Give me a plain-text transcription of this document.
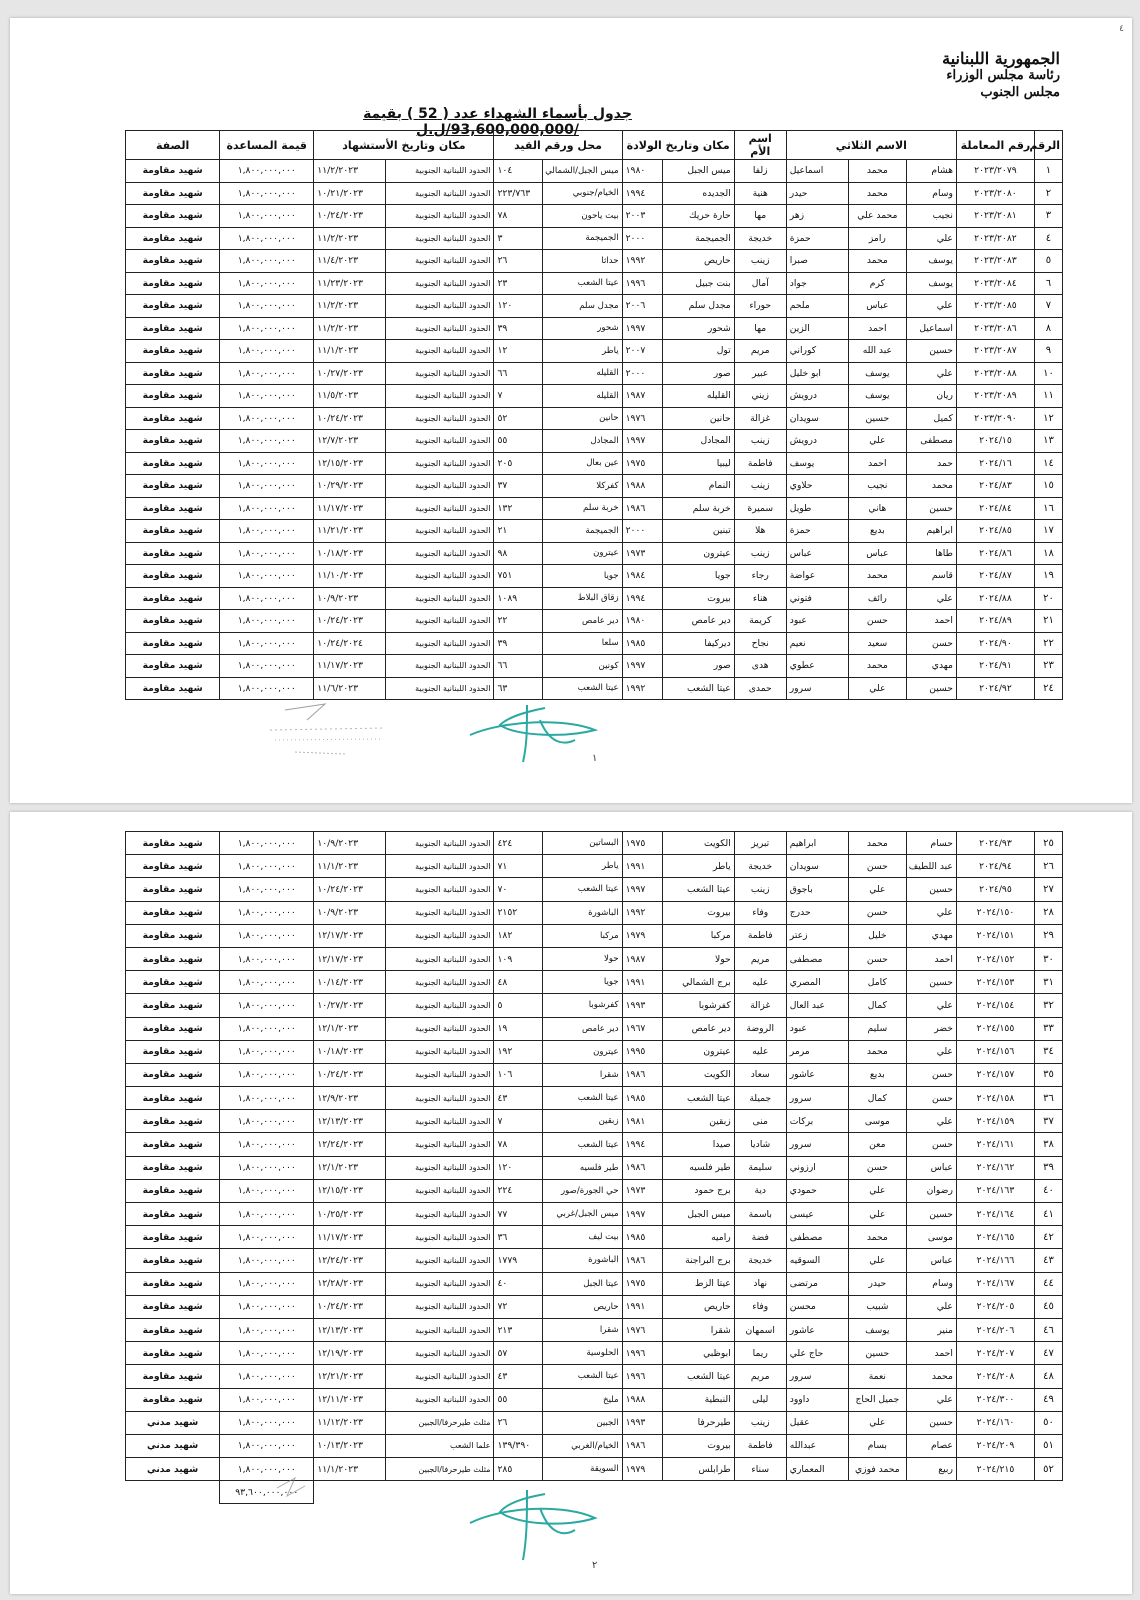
٤
الجمهورية اللبنانية
رئاسة مجلس الوزراء
مجلس الجنوب
جدول بأسماء الشهداء عدد ( 52 ) بقيمة /93,600,000,000/ل.ل
الرقم	رقم المعاملة	الاسم الثلاثي			اسم الأم	مكان وتاريخ الولادة		محل ورقم القيد		مكان وتاريخ الأستشهاد		قيمة المساعدة	الصفة
١	٢٠٢٣/٢٠٧٩	هشام	محمد	اسماعيل	زلفا	ميس الجبل	١٩٨٠	ميس الجبل/الشمالي	١٠٤	الحدود اللبنانية الجنوبية	١١/٢/٢٠٢٣	١,٨٠٠,٠٠٠,٠٠٠	شهيد مقاومة
٢	٢٠٢٣/٢٠٨٠	وسام	محمد	حيدر	هنية	الجديده	١٩٩٤	الخيام/جنوبي	٢٢٣/٧٦٣	الحدود اللبنانية الجنوبية	١٠/٢١/٢٠٢٣	١,٨٠٠,٠٠٠,٠٠٠	شهيد مقاومة
٣	٢٠٢٣/٢٠٨١	نجيب	محمد علي	زهر	مها	حارة حريك	٢٠٠٣	بيت ياحون	٧٨	الحدود اللبنانية الجنوبية	١٠/٢٤/٢٠٢٣	١,٨٠٠,٠٠٠,٠٠٠	شهيد مقاومة
٤	٢٠٢٣/٢٠٨٢	علي	رامز	حمزة	خديجة	الجميجمة	٢٠٠٠	الجميجمة	٣	الحدود اللبنانية الجنوبية	١١/٢/٢٠٢٣	١,٨٠٠,٠٠٠,٠٠٠	شهيد مقاومة
٥	٢٠٢٣/٢٠٨٣	يوسف	محمد	صبرا	زينب	حاريص	١٩٩٢	حداثا	٢٦	الحدود اللبنانية الجنوبية	١١/٤/٢٠٢٣	١,٨٠٠,٠٠٠,٠٠٠	شهيد مقاومة
٦	٢٠٢٣/٢٠٨٤	يوسف	كرم	جواد	آمال	بنت جبيل	١٩٩٦	عيتا الشعب	٢٣	الحدود اللبنانية الجنوبية	١١/٢٣/٢٠٢٣	١,٨٠٠,٠٠٠,٠٠٠	شهيد مقاومة
٧	٢٠٢٣/٢٠٨٥	علي	عباس	ملحم	حوراء	مجدل سلم	٢٠٠٦	مجدل سلم	١٢٠	الحدود اللبنانية الجنوبية	١١/٢/٢٠٢٣	١,٨٠٠,٠٠٠,٠٠٠	شهيد مقاومة
٨	٢٠٢٣/٢٠٨٦	اسماعيل	احمد	الزين	مها	شحور	١٩٩٧	شحور	٣٩	الحدود اللبنانية الجنوبية	١١/٢/٢٠٢٣	١,٨٠٠,٠٠٠,٠٠٠	شهيد مقاومة
٩	٢٠٢٣/٢٠٨٧	حسين	عبد الله	كوراني	مريم	تول	٢٠٠٧	ياطر	١٢	الحدود اللبنانية الجنوبية	١١/١/٢٠٢٣	١,٨٠٠,٠٠٠,٠٠٠	شهيد مقاومة
١٠	٢٠٢٣/٢٠٨٨	علي	يوسف	ابو خليل	عبير	صور	٢٠٠٠	القليله	٦٦	الحدود اللبنانية الجنوبية	١٠/٢٧/٢٠٢٣	١,٨٠٠,٠٠٠,٠٠٠	شهيد مقاومة
١١	٢٠٢٣/٢٠٨٩	ريان	يوسف	درويش	زيني	القليله	١٩٨٧	القليله	٧	الحدود اللبنانية الجنوبية	١١/٥/٢٠٢٣	١,٨٠٠,٠٠٠,٠٠٠	شهيد مقاومة
١٢	٢٠٢٣/٢٠٩٠	كميل	حسين	سويدان	غزالة	حانين	١٩٧٦	حانين	٥٢	الحدود اللبنانية الجنوبية	١٠/٢٤/٢٠٢٣	١,٨٠٠,٠٠٠,٠٠٠	شهيد مقاومة
١٣	٢٠٢٤/١٥	مصطفى	علي	درويش	زينب	المجادل	١٩٩٧	المجادل	٥٥	الحدود اللبنانية الجنوبية	١٢/٧/٢٠٢٣	١,٨٠٠,٠٠٠,٠٠٠	شهيد مقاومة
١٤	٢٠٢٤/١٦	حمد	احمد	يوسف	فاطمة	ليبيا	١٩٧٥	عين بعال	٢٠٥	الحدود اللبنانية الجنوبية	١٢/١٥/٢٠٢٣	١,٨٠٠,٠٠٠,٠٠٠	شهيد مقاومة
١٥	٢٠٢٤/٨٣	محمد	نجيب	حلاوي	زينب	النمام	١٩٨٨	كفركلا	٣٧	الحدود اللبنانية الجنوبية	١٠/٢٩/٢٠٢٣	١,٨٠٠,٠٠٠,٠٠٠	شهيد مقاومة
١٦	٢٠٢٤/٨٤	حسين	هاني	طويل	سميرة	خربة سلم	١٩٨٦	خربة سلم	١٣٢	الحدود اللبنانية الجنوبية	١١/١٧/٢٠٢٣	١,٨٠٠,٠٠٠,٠٠٠	شهيد مقاومة
١٧	٢٠٢٤/٨٥	ابراهيم	بديع	حمزة	هلا	تبنين	٢٠٠٠	الجميجمة	٢١	الحدود اللبنانية الجنوبية	١١/٢١/٢٠٢٣	١,٨٠٠,٠٠٠,٠٠٠	شهيد مقاومة
١٨	٢٠٢٤/٨٦	طاها	عباس	عباس	زينب	عيترون	١٩٧٣	عيترون	٩٨	الحدود اللبنانية الجنوبية	١٠/١٨/٢٠٢٣	١,٨٠٠,٠٠٠,٠٠٠	شهيد مقاومة
١٩	٢٠٢٤/٨٧	قاسم	محمد	عواضة	رجاء	جويا	١٩٨٤	جويا	٧٥١	الحدود اللبنانية الجنوبية	١١/١٠/٢٠٢٣	١,٨٠٠,٠٠٠,٠٠٠	شهيد مقاومة
٢٠	٢٠٢٤/٨٨	علي	رائف	فتوني	هناء	بيروت	١٩٩٤	زقاق البلاط	١٠٨٩	الحدود اللبنانية الجنوبية	١٠/٩/٢٠٢٣	١,٨٠٠,٠٠٠,٠٠٠	شهيد مقاومة
٢١	٢٠٢٤/٨٩	احمد	حسن	عبود	كريمة	دير عامص	١٩٨٠	دير عامص	٢٢	الحدود اللبنانية الجنوبية	١٠/٢٤/٢٠٢٣	١,٨٠٠,٠٠٠,٠٠٠	شهيد مقاومة
٢٢	٢٠٢٤/٩٠	حسن	سعيد	نعيم	نجاح	ديركيفا	١٩٨٥	سلعا	٣٩	الحدود اللبنانية الجنوبية	١٠/٢٤/٢٠٢٤	١,٨٠٠,٠٠٠,٠٠٠	شهيد مقاومة
٢٣	٢٠٢٤/٩١	مهدي	محمد	عطوي	هدى	صور	١٩٩٧	كونين	٦٦	الحدود اللبنانية الجنوبية	١١/١٧/٢٠٢٣	١,٨٠٠,٠٠٠,٠٠٠	شهيد مقاومة
٢٤	٢٠٢٤/٩٢	حسين	علي	سرور	حمدى	عيتا الشعب	١٩٩٢	عيتا الشعب	٦٣	الحدود اللبنانية الجنوبية	١١/٦/٢٠٢٣	١,٨٠٠,٠٠٠,٠٠٠	شهيد مقاومة
١
٢٥	٢٠٢٤/٩٣	حسام	محمد	ابراهيم	تبريز	الكويت	١٩٧٥	البساتين	٤٢٤	الحدود اللبنانية الجنوبية	١٠/٩/٢٠٢٣	١,٨٠٠,٠٠٠,٠٠٠	شهيد مقاومة
٢٦	٢٠٢٤/٩٤	عبد اللطيف	حسن	سويدان	خديجة	ياطر	١٩٩١	ياطر	٧١	الحدود اللبنانية الجنوبية	١١/١/٢٠٢٣	١,٨٠٠,٠٠٠,٠٠٠	شهيد مقاومة
٢٧	٢٠٢٤/٩٥	حسين	علي	باجوق	زينب	عيتا الشعب	١٩٩٧	عيتا الشعب	٧٠	الحدود اللبنانية الجنوبية	١٠/٢٤/٢٠٢٣	١,٨٠٠,٠٠٠,٠٠٠	شهيد مقاومة
٢٨	٢٠٢٤/١٥٠	علي	حسن	حدرج	وفاء	بيروت	١٩٩٢	الباشورة	٢١٥٢	الحدود اللبنانية الجنوبية	١٠/٩/٢٠٢٣	١,٨٠٠,٠٠٠,٠٠٠	شهيد مقاومة
٢٩	٢٠٢٤/١٥١	مهدي	خليل	زعتر	فاطمة	مركبا	١٩٧٩	مركبا	١٨٢	الحدود اللبنانية الجنوبية	١٢/١٧/٢٠٢٣	١,٨٠٠,٠٠٠,٠٠٠	شهيد مقاومة
٣٠	٢٠٢٤/١٥٢	احمد	حسن	مصطفى	مريم	حولا	١٩٨٧	حولا	١٠٩	الحدود اللبنانية الجنوبية	١٢/١٧/٢٠٢٣	١,٨٠٠,٠٠٠,٠٠٠	شهيد مقاومة
٣١	٢٠٢٤/١٥٣	حسين	كامل	المصري	عليه	برج الشمالي	١٩٩١	جويا	٤٨	الحدود اللبنانية الجنوبية	١٠/١٤/٢٠٢٣	١,٨٠٠,٠٠٠,٠٠٠	شهيد مقاومة
٣٢	٢٠٢٤/١٥٤	علي	كمال	عبد العال	غزالة	كفرشوبا	١٩٩٣	كفرشوبا	٥	الحدود اللبنانية الجنوبية	١٠/٢٧/٢٠٢٣	١,٨٠٠,٠٠٠,٠٠٠	شهيد مقاومة
٣٣	٢٠٢٤/١٥٥	خضر	سليم	عبود	الروضة	دير عامص	١٩٦٧	دير عامص	١٩	الحدود اللبنانية الجنوبية	١٢/١/٢٠٢٣	١,٨٠٠,٠٠٠,٠٠٠	شهيد مقاومة
٣٤	٢٠٢٤/١٥٦	علي	محمد	مرمر	عليه	عيترون	١٩٩٥	عيترون	١٩٢	الحدود اللبنانية الجنوبية	١٠/١٨/٢٠٢٣	١,٨٠٠,٠٠٠,٠٠٠	شهيد مقاومة
٣٥	٢٠٢٤/١٥٧	حسن	بديع	عاشور	سعاد	الكويت	١٩٨٦	شقرا	١٠٦	الحدود اللبنانية الجنوبية	١٠/٢٤/٢٠٢٣	١,٨٠٠,٠٠٠,٠٠٠	شهيد مقاومة
٣٦	٢٠٢٤/١٥٨	حسن	كمال	سرور	جميلة	عيتا الشعب	١٩٨٥	عيتا الشعب	٤٣	الحدود اللبنانية الجنوبية	١٢/٩/٢٠٢٣	١,٨٠٠,٠٠٠,٠٠٠	شهيد مقاومة
٣٧	٢٠٢٤/١٥٩	علي	موسى	بركات	منى	زبقين	١٩٨١	زبقين	٧	الحدود اللبنانية الجنوبية	١٢/١٣/٢٠٢٣	١,٨٠٠,٠٠٠,٠٠٠	شهيد مقاومة
٣٨	٢٠٢٤/١٦١	حسن	معن	سرور	شاديا	صيدا	١٩٩٤	عيتا الشعب	٧٨	الحدود اللبنانية الجنوبية	١٢/٢٤/٢٠٢٣	١,٨٠٠,٠٠٠,٠٠٠	شهيد مقاومة
٣٩	٢٠٢٤/١٦٢	عباس	حسن	ارزوني	سليمة	طير فلسيه	١٩٨٦	طير فلسيه	١٢٠	الحدود اللبنانية الجنوبية	١٢/١/٢٠٢٣	١,٨٠٠,٠٠٠,٠٠٠	شهيد مقاومة
٤٠	٢٠٢٤/١٦٣	رضوان	علي	حمودي	دية	برج حمود	١٩٧٣	حي الجورة/صور	٢٢٤	الحدود اللبنانية الجنوبية	١٢/١٥/٢٠٢٣	١,٨٠٠,٠٠٠,٠٠٠	شهيد مقاومة
٤١	٢٠٢٤/١٦٤	حسين	علي	عيسى	باسمة	ميس الجبل	١٩٩٧	ميس الجبل/غربي	٧٧	الحدود اللبنانية الجنوبية	١٠/٢٥/٢٠٢٣	١,٨٠٠,٠٠٠,٠٠٠	شهيد مقاومة
٤٢	٢٠٢٤/١٦٥	موسى	محمد	مصطفى	فضة	راميه	١٩٨٥	بيت ليف	٣٦	الحدود اللبنانية الجنوبية	١١/١٧/٢٠٢٣	١,٨٠٠,٠٠٠,٠٠٠	شهيد مقاومة
٤٣	٢٠٢٤/١٦٦	عباس	علي	السوقيه	خديجة	برج البراجنة	١٩٨٦	الباشورة	١٧٧٩	الحدود اللبنانية الجنوبية	١٢/٢٤/٢٠٢٣	١,٨٠٠,٠٠٠,٠٠٠	شهيد مقاومة
٤٤	٢٠٢٤/١٦٧	وسام	حيدر	مرتضى	نهاد	عيتا الزط	١٩٧٥	عيتا الجبل	٤٠	الحدود اللبنانية الجنوبية	١٢/٢٨/٢٠٢٣	١,٨٠٠,٠٠٠,٠٠٠	شهيد مقاومة
٤٥	٢٠٢٤/٢٠٥	علي	شبيب	محسن	وفاء	حاريص	١٩٩١	حاريص	٧٢	الحدود اللبنانية الجنوبية	١٠/٢٤/٢٠٢٣	١,٨٠٠,٠٠٠,٠٠٠	شهيد مقاومة
٤٦	٢٠٢٤/٢٠٦	منير	يوسف	عاشور	اسمهان	شقرا	١٩٧٦	شقرا	٢١٣	الحدود اللبنانية الجنوبية	١٢/١٣/٢٠٢٣	١,٨٠٠,٠٠٠,٠٠٠	شهيد مقاومة
٤٧	٢٠٢٤/٢٠٧	احمد	حسين	حاج علي	ريما	ابوظبي	١٩٩٦	الحلوسية	٥٧	الحدود اللبنانية الجنوبية	١٢/١٩/٢٠٢٣	١,٨٠٠,٠٠٠,٠٠٠	شهيد مقاومة
٤٨	٢٠٢٤/٢٠٨	محمد	نعمة	سرور	مريم	عيتا الشعب	١٩٩٦	عيتا الشعب	٤٣	الحدود اللبنانية الجنوبية	١٢/٢١/٢٠٢٣	١,٨٠٠,٠٠٠,٠٠٠	شهيد مقاومة
٤٩	٢٠٢٤/٣٠٠	علي	جميل الحاج	داوود	ليلى	النبطية	١٩٨٨	مليخ	٥٥	الحدود اللبنانية الجنوبية	١٢/١١/٢٠٢٣	١,٨٠٠,٠٠٠,٠٠٠	شهيد مقاومة
٥٠	٢٠٢٤/١٦٠	حسين	علي	عقيل	زينب	طيرحرفا	١٩٩٣	الجبين	٢٦	مثلث طيرحرفا/الجبين	١١/١٢/٢٠٢٣	١,٨٠٠,٠٠٠,٠٠٠	شهيد مدني
٥١	٢٠٢٤/٢٠٩	عصام	بسام	عبدالله	فاطمة	بيروت	١٩٨٦	الخيام/الغربي	١٣٩/٣٩٠	علما الشعب	١٠/١٣/٢٠٢٣	١,٨٠٠,٠٠٠,٠٠٠	شهيد مدني
٥٢	٢٠٢٤/٢١٥	ربيع	محمد فوزي	المعماري	سناء	طرابلس	١٩٧٩	السويقة	٢٨٥	مثلث طيرحرفا/الجبين	١١/١/٢٠٢٣	١,٨٠٠,٠٠٠,٠٠٠	شهيد مدني
												٩٣,٦٠٠,٠٠٠,٠٠٠	
٢
